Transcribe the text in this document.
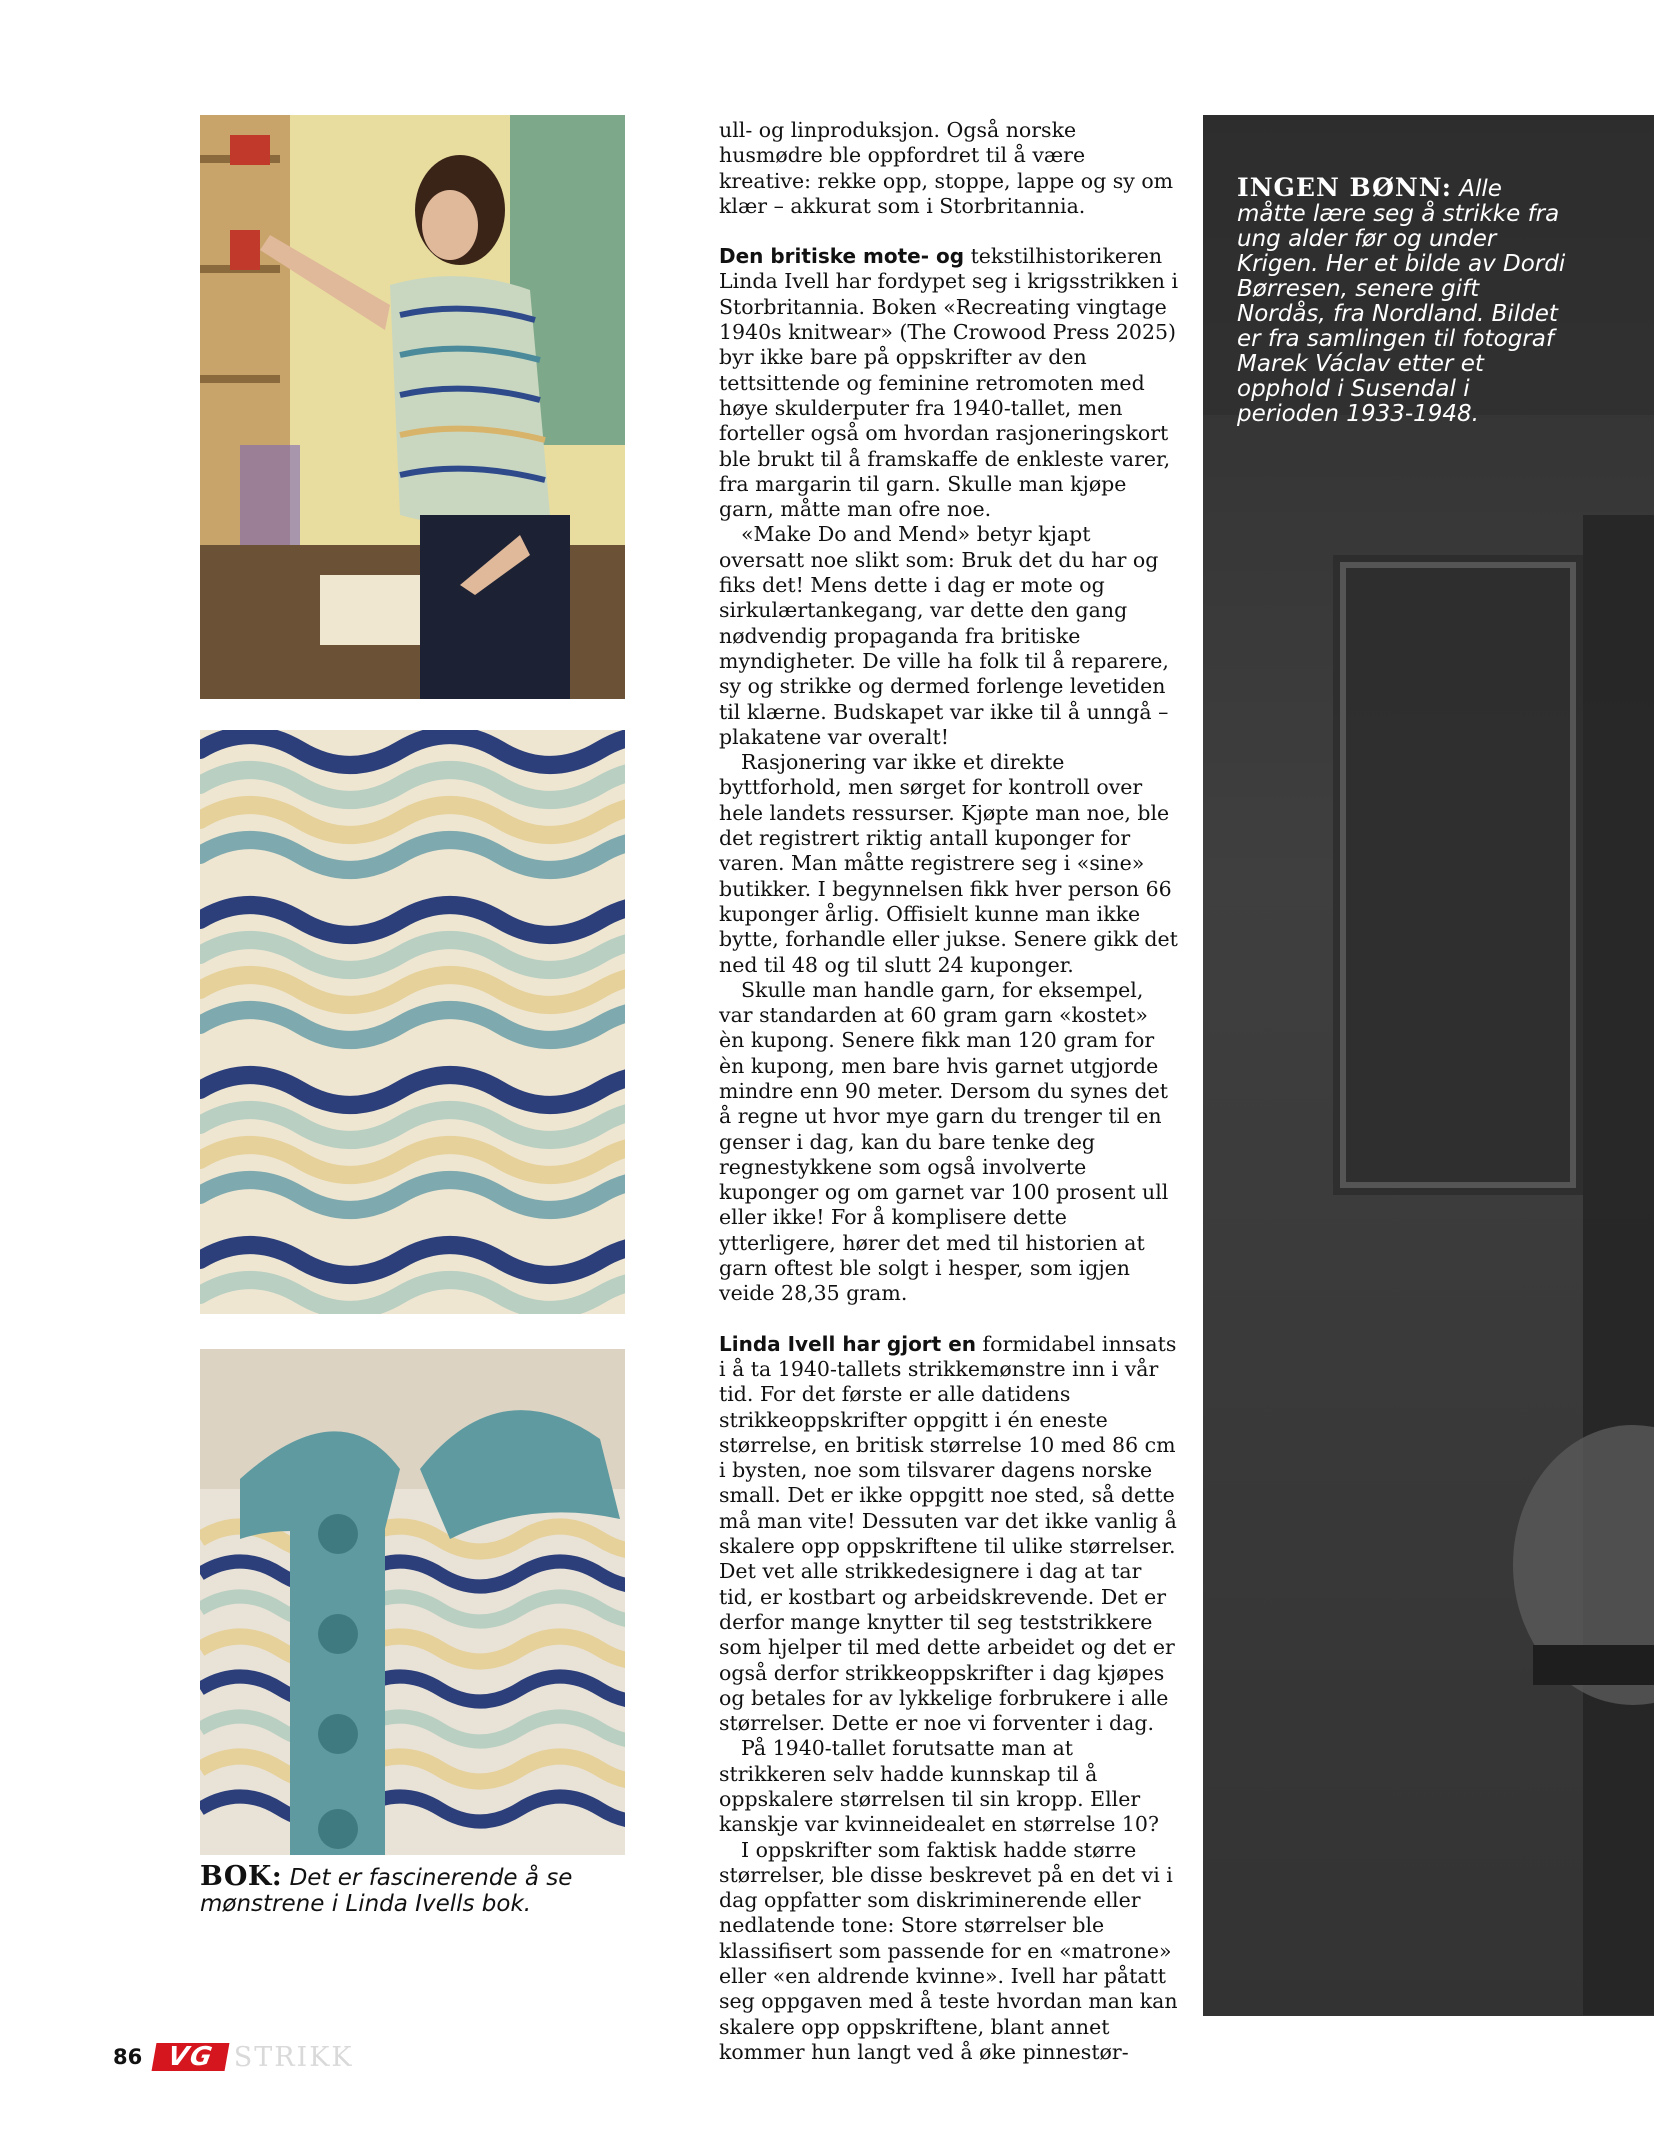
BOK: Det er fascinerende å se mønstrene i Linda Ivells bok.

ull- og linproduksjon. Også norske husmødre ble oppfordret til å være kreative: rekke opp, stoppe, lappe og sy om klær – akkurat som i Storbritannia.

Den britiske mote- og tekstilhistorikeren Linda Ivell har fordypet seg i krigsstrikken i Storbritannia. Boken «Recreating vingtage 1940s knitwear» (The Crowood Press 2025) byr ikke bare på oppskrifter av den tettsittende og feminine retromoten med høye skulderputer fra 1940-tallet, men forteller også om hvordan rasjoneringskort ble brukt til å framskaffe de enkleste varer, fra margarin til garn. Skulle man kjøpe garn, måtte man ofre noe.

«Make Do and Mend» betyr kjapt oversatt noe slikt som: Bruk det du har og fiks det! Mens dette i dag er mote og sirkulærtankegang, var dette den gang nødvendig propaganda fra britiske myndigheter. De ville ha folk til å reparere, sy og strikke og dermed forlenge levetiden til klærne. Budskapet var ikke til å unngå – plakatene var overalt!

Rasjonering var ikke et direkte byttforhold, men sørget for kontroll over hele landets ressurser. Kjøpte man noe, ble det registrert riktig antall kuponger for varen. Man måtte registrere seg i «sine» butikker. I begynnelsen fikk hver person 66 kuponger årlig. Offisielt kunne man ikke bytte, forhandle eller jukse. Senere gikk det ned til 48 og til slutt 24 kuponger.

Skulle man handle garn, for eksempel, var standarden at 60 gram garn «kostet» èn kupong. Senere fikk man 120 gram for èn kupong, men bare hvis garnet utgjorde mindre enn 90 meter. Dersom du synes det å regne ut hvor mye garn du trenger til en genser i dag, kan du bare tenke deg regnestykkene som også involverte kuponger og om garnet var 100 prosent ull eller ikke! For å komplisere dette ytterligere, hører det med til historien at garn oftest ble solgt i hesper, som igjen veide 28,35 gram.

Linda Ivell har gjort en formidabel innsats i å ta 1940-tallets strikkemønstre inn i vår tid. For det første er alle datidens strikkeoppskrifter oppgitt i én eneste størrelse, en britisk størrelse 10 med 86 cm i bysten, noe som tilsvarer dagens norske small. Det er ikke oppgitt noe sted, så dette må man vite! Dessuten var det ikke vanlig å skalere opp oppskriftene til ulike størrelser. Det vet alle strikkedesignere i dag at tar tid, er kostbart og arbeidskrevende. Det er derfor mange knytter til seg teststrikkere som hjelper til med dette arbeidet og det er også derfor strikkeoppskrifter i dag kjøpes og betales for av lykkelige forbrukere i alle størrelser. Dette er noe vi forventer i dag.

På 1940-tallet forutsatte man at strikkeren selv hadde kunnskap til å oppskalere størrelsen til sin kropp. Eller kanskje var kvinneidealet en størrelse 10?

I oppskrifter som faktisk hadde større størrelser, ble disse beskrevet på en det vi i dag oppfatter som diskriminerende eller nedlatende tone: Store størrelser ble klassifisert som passende for en «matrone» eller «en aldrende kvinne». Ivell har påtatt seg oppgaven med å teste hvordan man kan skalere opp oppskriftene, blant annet kommer hun langt ved å øke pinnestør-

INGEN BØNN: Alle måtte lære seg å strikke fra ung alder før og under Krigen. Her et bilde av Dordi Børresen, senere gift Nordås, fra Nordland. Bildet er fra samlingen til fotograf Marek Václav etter et opphold i Susendal i perioden 1933-1948.
86 VG STRIKK
